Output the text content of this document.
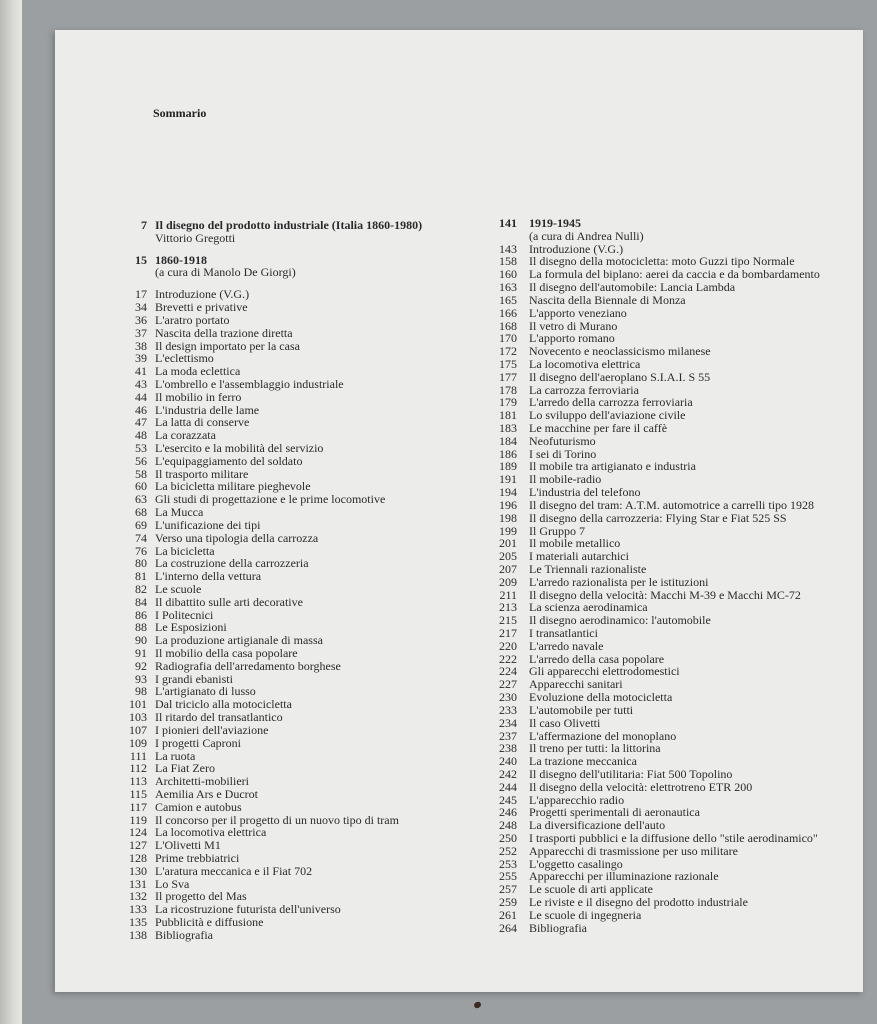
Sommario
7 Il disegno del prodotto industriale (Italia 1860-1980)
Vittorio Gregotti
15 1860-1918
(a cura di Manolo De Giorgi)
17 Introduzione (V.G.)
34 Brevetti e privative
36 L'aratro portato
37 Nascita della trazione diretta
38 Il design importato per la casa
39 L'eclettismo
41 La moda eclettica
43 L'ombrello e l'assemblaggio industriale
44 Il mobilio in ferro
46 L'industria delle lame
47 La latta di conserve
48 La corazzata
53 L'esercito e la mobilità del servizio
56 L'equipaggiamento del soldato
58 Il trasporto militare
60 La bicicletta militare pieghevole
63 Gli studi di progettazione e le prime locomotive
68 La Mucca
69 L'unificazione dei tipi
74 Verso una tipologia della carrozza
76 La bicicletta
80 La costruzione della carrozzeria
81 L'interno della vettura
82 Le scuole
84 Il dibattito sulle arti decorative
86 I Politecnici
88 Le Esposizioni
90 La produzione artigianale di massa
91 Il mobilio della casa popolare
92 Radiografia dell'arredamento borghese
93 I grandi ebanisti
98 L'artigianato di lusso
101 Dal triciclo alla motocicletta
103 Il ritardo del transatlantico
107 I pionieri dell'aviazione
109 I progetti Caproni
111 La ruota
112 La Fiat Zero
113 Architetti-mobilieri
115 Aemilia Ars e Ducrot
117 Camion e autobus
119 Il concorso per il progetto di un nuovo tipo di tram
124 La locomotiva elettrica
127 L'Olivetti M1
128 Prime trebbiatrici
130 L'aratura meccanica e il Fiat 702
131 Lo Sva
132 Il progetto del Mas
133 La ricostruzione futurista dell'universo
135 Pubblicità e diffusione
138 Bibliografia
141 1919-1945
(a cura di Andrea Nulli)
143 Introduzione (V.G.)
158 Il disegno della motocicletta: moto Guzzi tipo Normale
160 La formula del biplano: aerei da caccia e da bombardamento
163 Il disegno dell'automobile: Lancia Lambda
165 Nascita della Biennale di Monza
166 L'apporto veneziano
168 Il vetro di Murano
170 L'apporto romano
172 Novecento e neoclassicismo milanese
175 La locomotiva elettrica
177 Il disegno dell'aeroplano S.I.A.I. S 55
178 La carrozza ferroviaria
179 L'arredo della carrozza ferroviaria
181 Lo sviluppo dell'aviazione civile
183 Le macchine per fare il caffè
184 Neofuturismo
186 I sei di Torino
189 Il mobile tra artigianato e industria
191 Il mobile-radio
194 L'industria del telefono
196 Il disegno del tram: A.T.M. automotrice a carrelli tipo 1928
198 Il disegno della carrozzeria: Flying Star e Fiat 525 SS
199 Il Gruppo 7
201 Il mobile metallico
205 I materiali autarchici
207 Le Triennali razionaliste
209 L'arredo razionalista per le istituzioni
211 Il disegno della velocità: Macchi M-39 e Macchi MC-72
213 La scienza aerodinamica
215 Il disegno aerodinamico: l'automobile
217 I transatlantici
220 L'arredo navale
222 L'arredo della casa popolare
224 Gli apparecchi elettrodomestici
227 Apparecchi sanitari
230 Evoluzione della motocicletta
233 L'automobile per tutti
234 Il caso Olivetti
237 L'affermazione del monoplano
238 Il treno per tutti: la littorina
240 La trazione meccanica
242 Il disegno dell'utilitaria: Fiat 500 Topolino
244 Il disegno della velocità: elettrotreno ETR 200
245 L'apparecchio radio
246 Progetti sperimentali di aeronautica
248 La diversificazione dell'auto
250 I trasporti pubblici e la diffusione dello "stile aerodinamico"
252 Apparecchi di trasmissione per uso militare
253 L'oggetto casalingo
255 Apparecchi per illuminazione razionale
257 Le scuole di arti applicate
259 Le riviste e il disegno del prodotto industriale
261 Le scuole di ingegneria
264 Bibliografia
